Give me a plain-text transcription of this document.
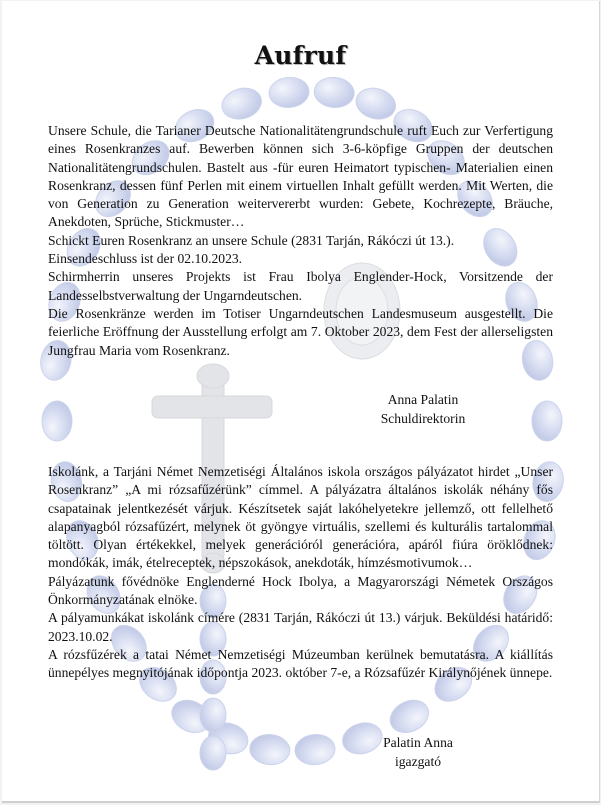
Aufruf

Unsere Schule, die Tarianer Deutsche Nationalitätengrundschule ruft Euch zur Verfertigung eines Rosenkranzes auf. Bewerben können sich 3-6-köpfige Gruppen der deutschen Nationalitätengrundschulen. Bastelt aus -für euren Heimatort typischen- Materialien einen Rosenkranz, dessen fünf Perlen mit einem virtuellen Inhalt gefüllt werden. Mit Werten, die von Generation zu Generation weitervererbt wurden: Gebete, Kochrezepte, Bräuche, Anekdoten, Sprüche, Stickmuster…

Schickt Euren Rosenkranz an unsere Schule (2831 Tarján, Rákóczi út 13.).

Einsendeschluss ist der 02.10.2023.

Schirmherrin unseres Projekts ist Frau Ibolya Englender-Hock, Vorsitzende der Landesselbstverwaltung der Ungarndeutschen.

Die Rosenkränze werden im Totiser Ungarndeutschen Landesmuseum ausgestellt. Die feierliche Eröffnung der Ausstellung erfolgt am 7. Oktober 2023, dem Fest der allerseligsten Jungfrau Maria vom Rosenkranz.

Anna Palatin
Schuldirektorin

Iskolánk, a Tarjáni Német Nemzetiségi Általános iskola országos pályázatot hirdet „Unser Rosenkranz” „A mi rózsafűzérünk” címmel. A pályázatra általános iskolák néhány fős csapatainak jelentkezését várjuk. Készítsetek saját lakóhelyetekre jellemző, ott fellelhető alapanyagból rózsafűzért, melynek öt gyöngye virtuális, szellemi és kulturális tartalommal töltött. Olyan értékekkel, melyek generációról generációra, apáról fiúra öröklődnek: mondókák, imák, ételreceptek, népszokások, anekdoták, hímzésmotivumok…

Pályázatunk fővédnöke Englenderné Hock Ibolya, a Magyarországi Németek Országos Önkormányzatának elnöke.

A pályamunkákat iskolánk címére (2831 Tarján, Rákóczi út 13.) várjuk. Beküldési határidő: 2023.10.02.

A rózsfűzérek a tatai Német Nemzetiségi Múzeumban kerülnek bemutatásra. A kiállítás ünnepélyes megnyitójának időpontja 2023. október 7-e, a Rózsafűzér Királynőjének ünnepe.

Palatin Anna
igazgató
